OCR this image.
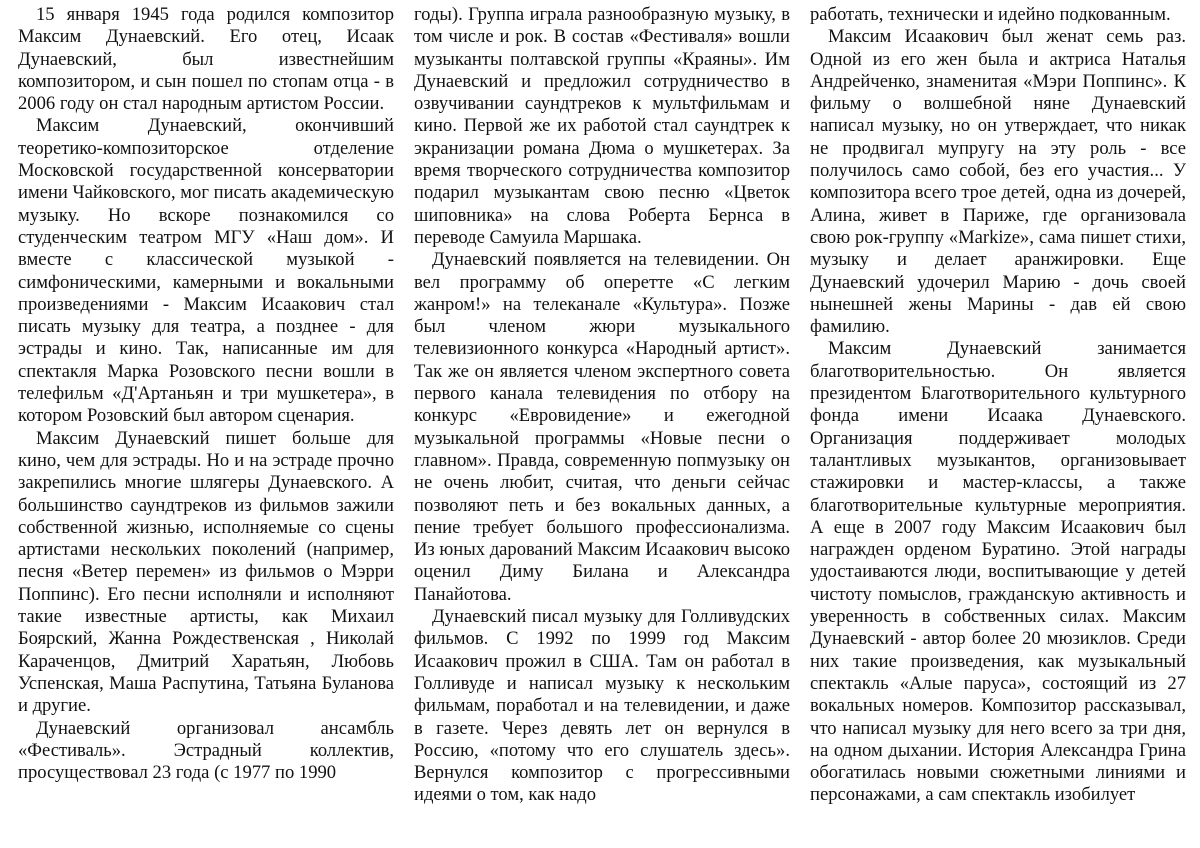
15 января 1945 года родился композитор Максим Дунаевский. Его отец, Исаак Дунаевский, был известнейшим композитором, и сын пошел по стопам отца - в 2006 году он стал народным артистом России.

Максим Дунаевский, окончивший теоретико-композиторское отделение Московской государственной консерватории имени Чайковского, мог писать академическую музыку. Но вскоре познакомился со студенческим театром МГУ «Наш дом». И вместе с классической музыкой - симфоническими, камерными и вокальными произведениями - Максим Исаакович стал писать музыку для театра, а позднее - для эстрады и кино. Так, написанные им для спектакля Марка Розовского песни вошли в телефильм «Д'Артаньян и три мушкетера», в котором Розовский был автором сценария.

Максим Дунаевский пишет больше для кино, чем для эстрады. Но и на эстраде прочно закрепились многие шлягеры Дунаевского. А большинство саундтреков из фильмов зажили собственной жизнью, исполняемые со сцены артистами нескольких поколений (например, песня «Ветер перемен» из фильмов о Мэрри Поппинс). Его песни исполняли и исполняют такие известные артисты, как Михаил Боярский, Жанна Рождественская , Николай Караченцов, Дмитрий Харатьян, Любовь Успенская, Маша Распутина, Татьяна Буланова и другие.

Дунаевский организовал ансамбль «Фестиваль». Эстрадный коллектив, просуществовал 23 года (с 1977 по 1990

годы). Группа играла разнообразную музыку, в том числе и рок. В состав «Фестиваля» вошли музыканты полтавской группы «Краяны». Им Дунаевский и предложил сотрудничество в озвучивании саундтреков к мультфильмам и кино. Первой же их работой стал саундтрек к экранизации романа Дюма о мушкетерах. За время творческого сотрудничества композитор подарил музыкантам свою песню «Цветок шиповника» на слова Роберта Бернса в переводе Самуила Маршака.

Дунаевский появляется на телевидении. Он вел программу об оперетте «С легким жанром!» на телеканале «Культура». Позже был членом жюри музыкального телевизионного конкурса «Народный артист». Так же он является членом экспертного совета первого канала телевидения по отбору на конкурс «Евровидение» и ежегодной музыкальной программы «Новые песни о главном». Правда, современную попмузыку он не очень любит, считая, что деньги сейчас позволяют петь и без вокальных данных, а пение требует большого профессионализма. Из юных дарований Максим Исаакович высоко оценил Диму Билана и Александра Панайотова.

Дунаевский писал музыку для Голливудских фильмов. С 1992 по 1999 год Максим Исаакович прожил в США. Там он работал в Голливуде и написал музыку к нескольким фильмам, поработал и на телевидении, и даже в газете. Через девять лет он вернулся в Россию, «потому что его слушатель здесь». Вернулся композитор с прогрессивными идеями о том, как надо

работать, технически и идейно подкованным.

Максим Исаакович был женат семь раз. Одной из его жен была и актриса Наталья Андрейченко, знаменитая «Мэри Поппинс». К фильму о волшебной няне Дунаевский написал музыку, но он утверждает, что никак не продвигал мупругу на эту роль - все получилось само собой, без его участия... У композитора всего трое детей, одна из дочерей, Алина, живет в Париже, где организовала свою рок-группу «Markize», сама пишет стихи, музыку и делает аранжировки. Еще Дунаевский удочерил Марию - дочь своей нынешней жены Марины - дав ей свою фамилию.

Максим Дунаевский занимается благотворительностью. Он является президентом Благотворительного культурного фонда имени Исаака Дунаевского. Организация поддерживает молодых талантливых музыкантов, организовывает стажировки и мастер-классы, а также благотворительные культурные мероприятия. А еще в 2007 году Максим Исаакович был награжден орденом Буратино. Этой награды удостаиваются люди, воспитывающие у детей чистоту помыслов, гражданскую активность и уверенность в собственных силах. Максим Дунаевский - автор более 20 мюзиклов. Среди них такие произведения, как музыкальный спектакль «Алые паруса», состоящий из 27 вокальных номеров. Композитор рассказывал, что написал музыку для него всего за три дня, на одном дыхании. История Александра Грина обогатилась новыми сюжетными линиями и персонажами, а сам спектакль изобилует
